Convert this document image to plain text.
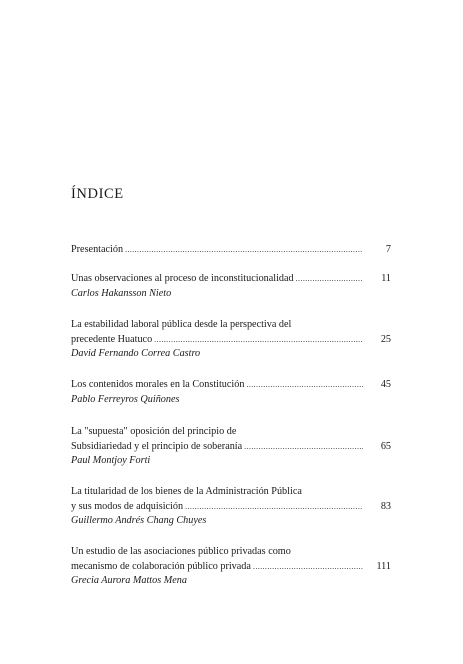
ÍNDICE
Presentación .....	7
Unas observaciones al proceso de inconstitucionalidad .....	11
Carlos Hakansson Nieto
La estabilidad laboral pública desde la perspectiva del
precedente Huatuco .....	25
David Fernando Correa Castro
Los contenidos morales en la Constitución .....	45
Pablo Ferreyros Quiñones
La "supuesta" oposición del principio de
Subsidiariedad y el principio de soberanía .....	65
Paul Montjoy Forti
La titularidad de los bienes de la Administración Pública
y sus modos de adquisición .....	83
Guillermo Andrés Chang Chuyes
Un estudio de las asociaciones público privadas como
mecanismo de colaboración público privada .....	111
Grecia Aurora Mattos Mena
